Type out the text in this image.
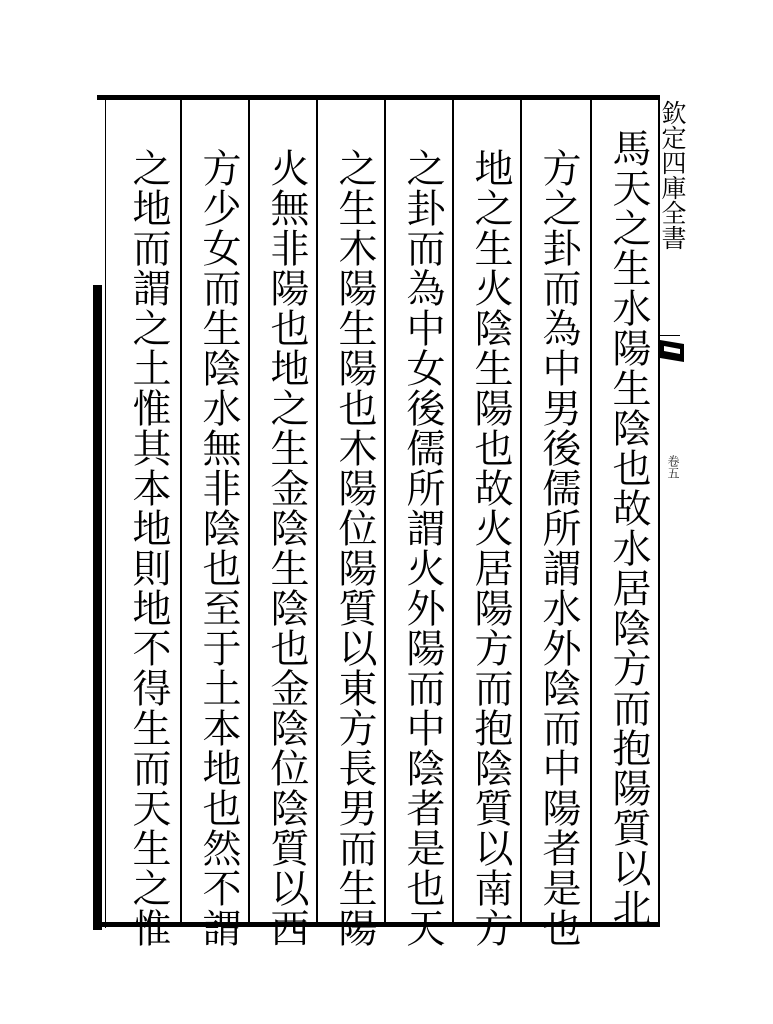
馬天之生水陽生陰也故水居陰方而抱陽質以北
方之卦而為中男後儒所謂水外陰而中陽者是也
地之生火陰生陽也故火居陽方而抱陰質以南方
之卦而為中女後儒所謂火外陽而中陰者是也天
之生木陽生陽也木陽位陽質以東方長男而生陽
火無非陽也地之生金陰生陰也金陰位陰質以西
方少女而生陰水無非陰也至于土本地也然不謂
之地而謂之土惟其本地則地不得生而天生之惟	欽定四庫全書
卷五
